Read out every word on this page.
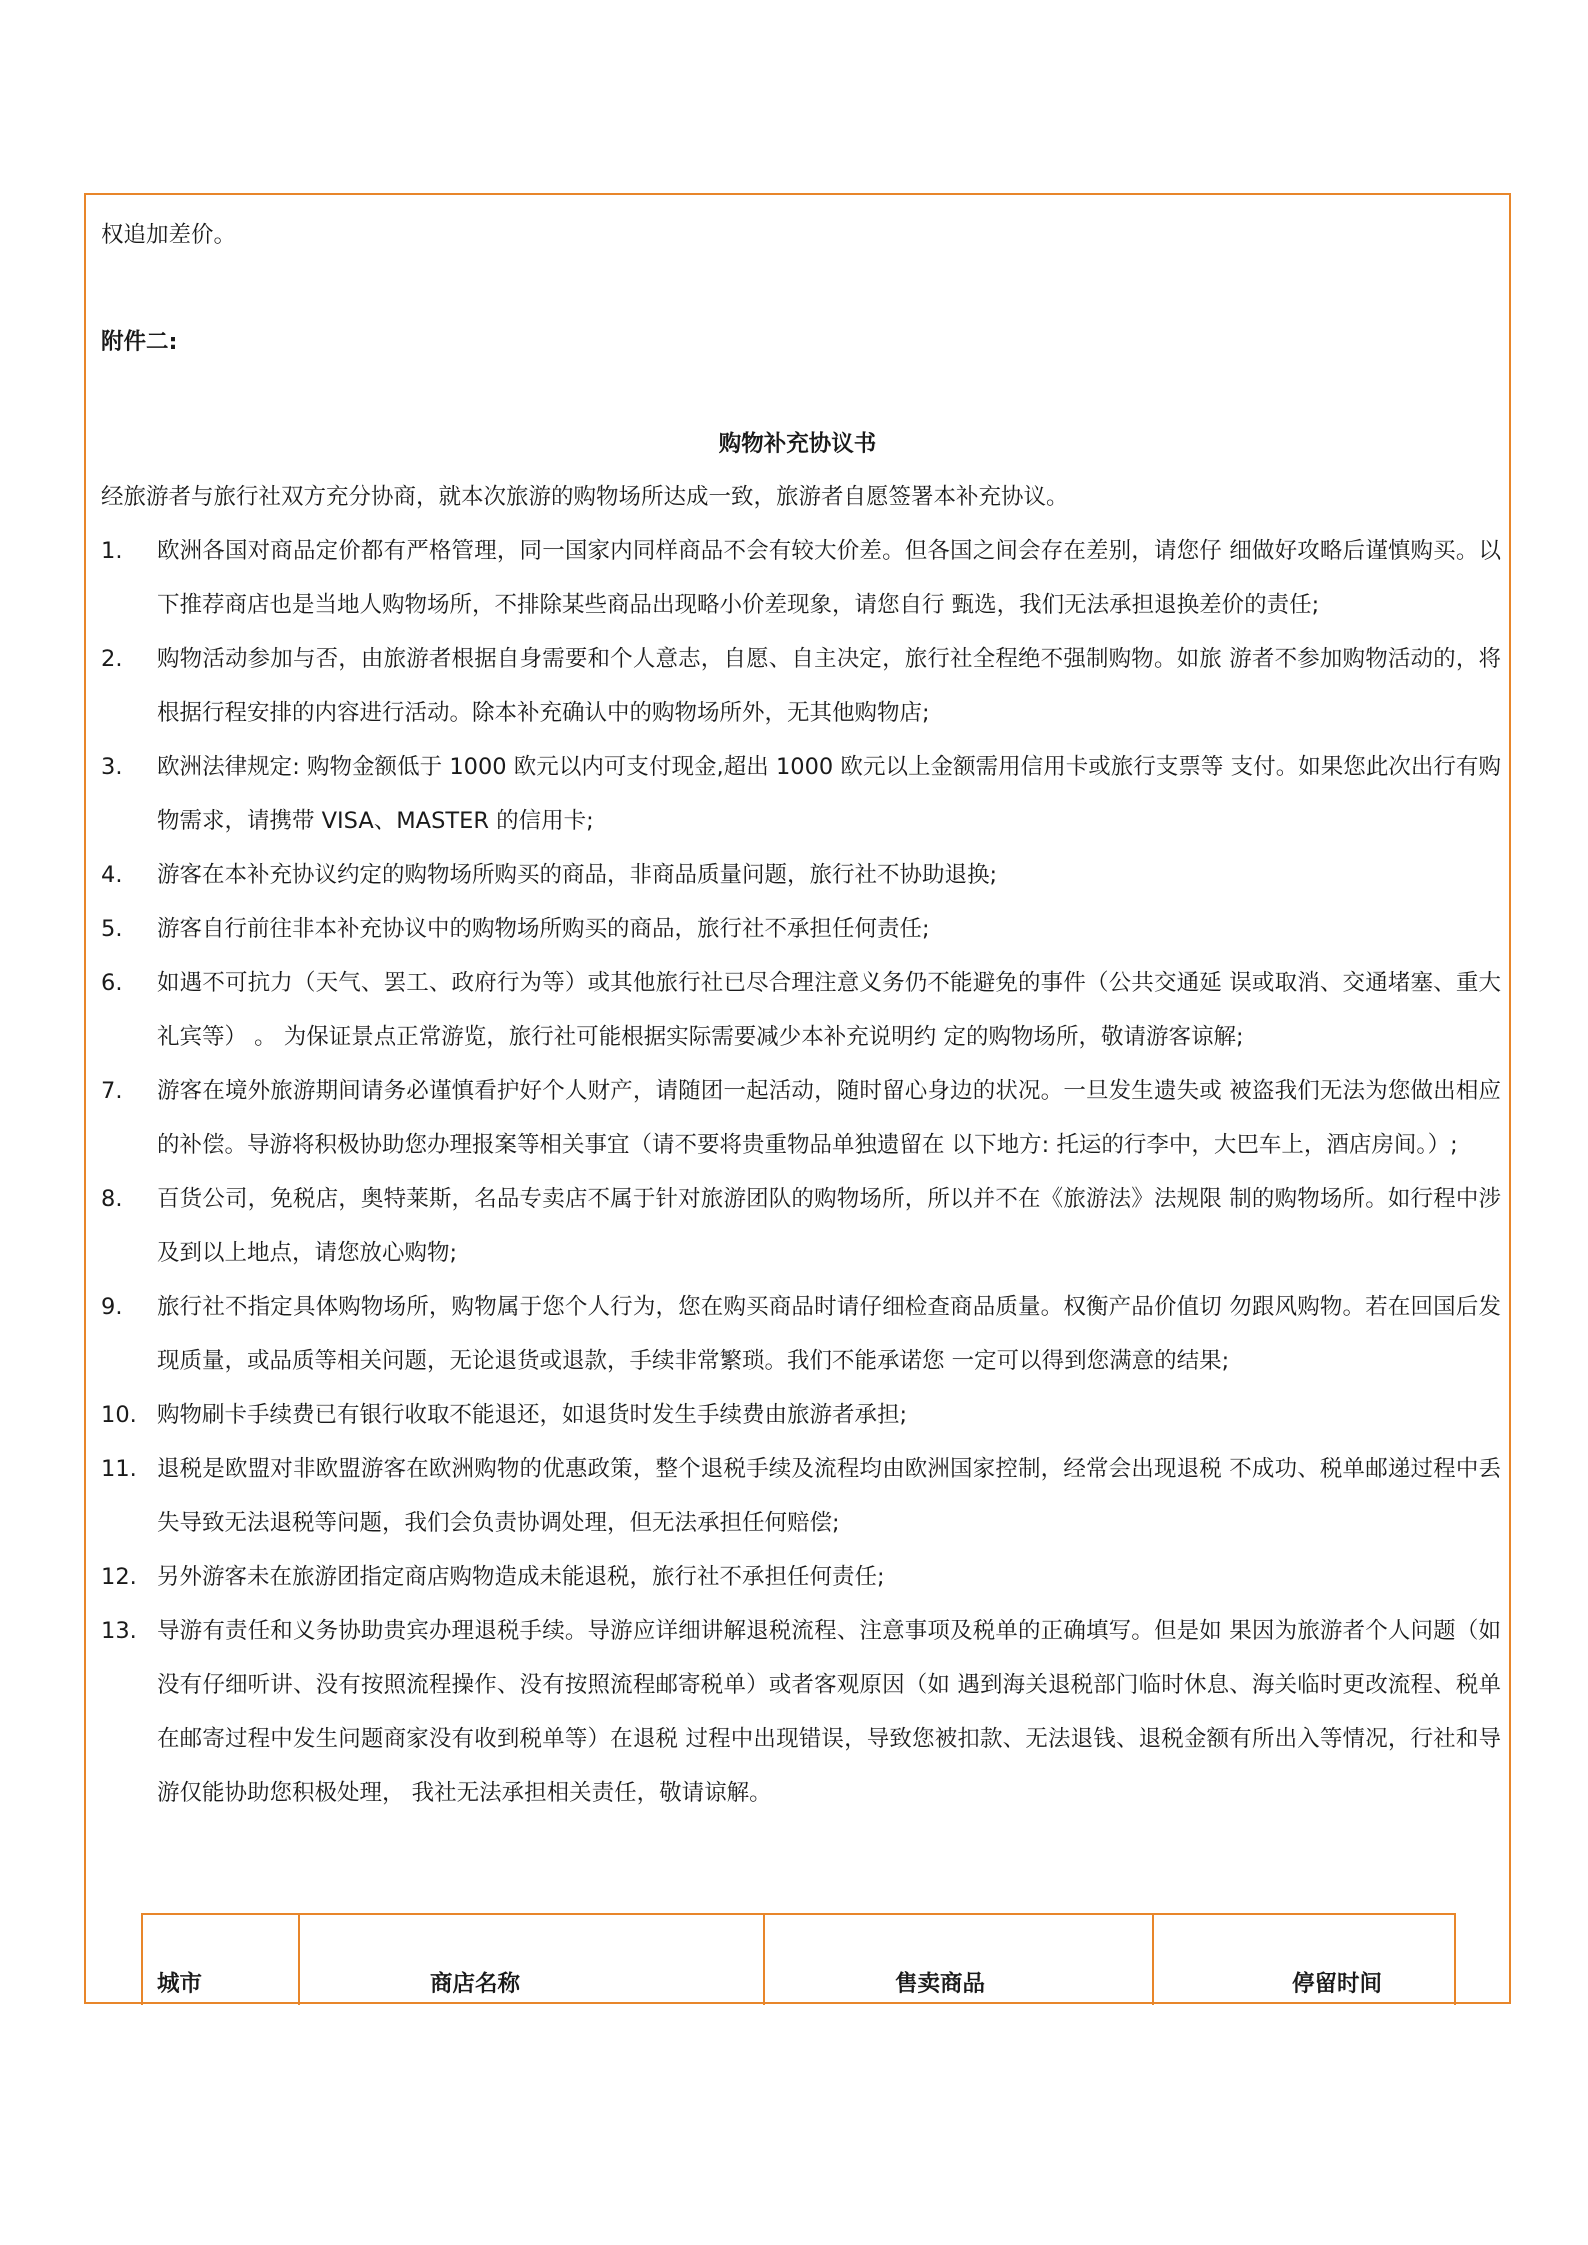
权追加差价。

附件二:

购物补充协议书

经旅游者与旅行社双方充分协商，就本次旅游的购物场所达成一致，旅游者自愿签署本补充协议。

1. 欧洲各国对商品定价都有严格管理，同一国家内同样商品不会有较大价差。但各国之间会存在差别，请您仔 细做好攻略后谨慎购买。以下推荐商店也是当地人购物场所，不排除某些商品出现略小价差现象，请您自行 甄选，我们无法承担退换差价的责任;
2. 购物活动参加与否，由旅游者根据自身需要和个人意志，自愿、自主决定，旅行社全程绝不强制购物。如旅 游者不参加购物活动的，将根据行程安排的内容进行活动。除本补充确认中的购物场所外，无其他购物店;
3. 欧洲法律规定: 购物金额低于 1000 欧元以内可支付现金,超出 1000 欧元以上金额需用信用卡或旅行支票等 支付。如果您此次出行有购物需求，请携带 VISA、MASTER 的信用卡;
4. 游客在本补充协议约定的购物场所购买的商品，非商品质量问题，旅行社不协助退换;
5. 游客自行前往非本补充协议中的购物场所购买的商品，旅行社不承担任何责任;
6. 如遇不可抗力（天气、罢工、政府行为等）或其他旅行社已尽合理注意义务仍不能避免的事件（公共交通延 误或取消、交通堵塞、重大礼宾等） 。 为保证景点正常游览，旅行社可能根据实际需要减少本补充说明约 定的购物场所，敬请游客谅解;
7. 游客在境外旅游期间请务必谨慎看护好个人财产，请随团一起活动，随时留心身边的状况。一旦发生遗失或 被盗我们无法为您做出相应的补偿。导游将积极协助您办理报案等相关事宜（请不要将贵重物品单独遗留在 以下地方: 托运的行李中，大巴车上，酒店房间。）;
8. 百货公司，免税店，奥特莱斯，名品专卖店不属于针对旅游团队的购物场所，所以并不在《旅游法》法规限 制的购物场所。如行程中涉及到以上地点，请您放心购物;
9. 旅行社不指定具体购物场所，购物属于您个人行为，您在购买商品时请仔细检查商品质量。权衡产品价值切 勿跟风购物。若在回国后发现质量，或品质等相关问题，无论退货或退款，手续非常繁琐。我们不能承诺您 一定可以得到您满意的结果;
10. 购物刷卡手续费已有银行收取不能退还，如退货时发生手续费由旅游者承担;
11. 退税是欧盟对非欧盟游客在欧洲购物的优惠政策，整个退税手续及流程均由欧洲国家控制，经常会出现退税 不成功、税单邮递过程中丢失导致无法退税等问题，我们会负责协调处理，但无法承担任何赔偿;
12. 另外游客未在旅游团指定商店购物造成未能退税，旅行社不承担任何责任;
13. 导游有责任和义务协助贵宾办理退税手续。导游应详细讲解退税流程、注意事项及税单的正确填写。但是如 果因为旅游者个人问题（如没有仔细听讲、没有按照流程操作、没有按照流程邮寄税单）或者客观原因（如 遇到海关退税部门临时休息、海关临时更改流程、税单在邮寄过程中发生问题商家没有收到税单等）在退税 过程中出现错误，导致您被扣款、无法退钱、退税金额有所出入等情况，行社和导游仅能协助您积极处理， 我社无法承担相关责任，敬请谅解。
城市	商店名称	售卖商品	停留时间
